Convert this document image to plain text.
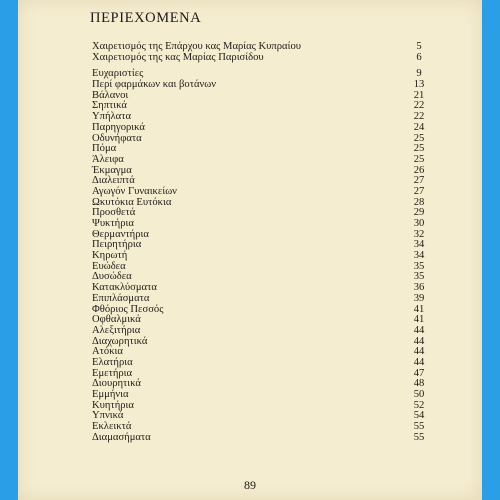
ΠΕΡΙΕΧΟΜΕΝΑ
Χαιρετισμός της Επάρχου κας Μαρίας Κυπραίου	5
Χαιρετισμός της κας Μαρίας Παρισίδου	6
Ευχαριστίες	9
Περί φαρμάκων και βοτάνων	13
Βάλανοι	21
Σηπτικά	22
Υπήλατα	22
Παρηγορικά	24
Οδυνήφατα	25
Πόμα	25
Άλειφα	25
Έκμαγμα	26
Διαλειπτά	27
Αγωγόν Γυναικείων	27
Ωκυτόκια Ευτόκια	28
Προσθετά	29
Ψυκτήρια	30
Θερμαντήρια	32
Πειρητήρια	34
Κηρωτή	34
Ευώδεα	35
Δυσώδεα	35
Κατακλύσματα	36
Επιπλάσματα	39
Φθόριος Πεσσός	41
Οφθαλμικά	41
Αλεξιτήρια	44
Διαχωρητικά	44
Ατόκια	44
Ελατήρια	44
Εμετήρια	47
Διουρητικά	48
Εμμήνια	50
Κυητήρια	52
Υπνικά	54
Εκλεικτά	55
Διαμασήματα	55
89
